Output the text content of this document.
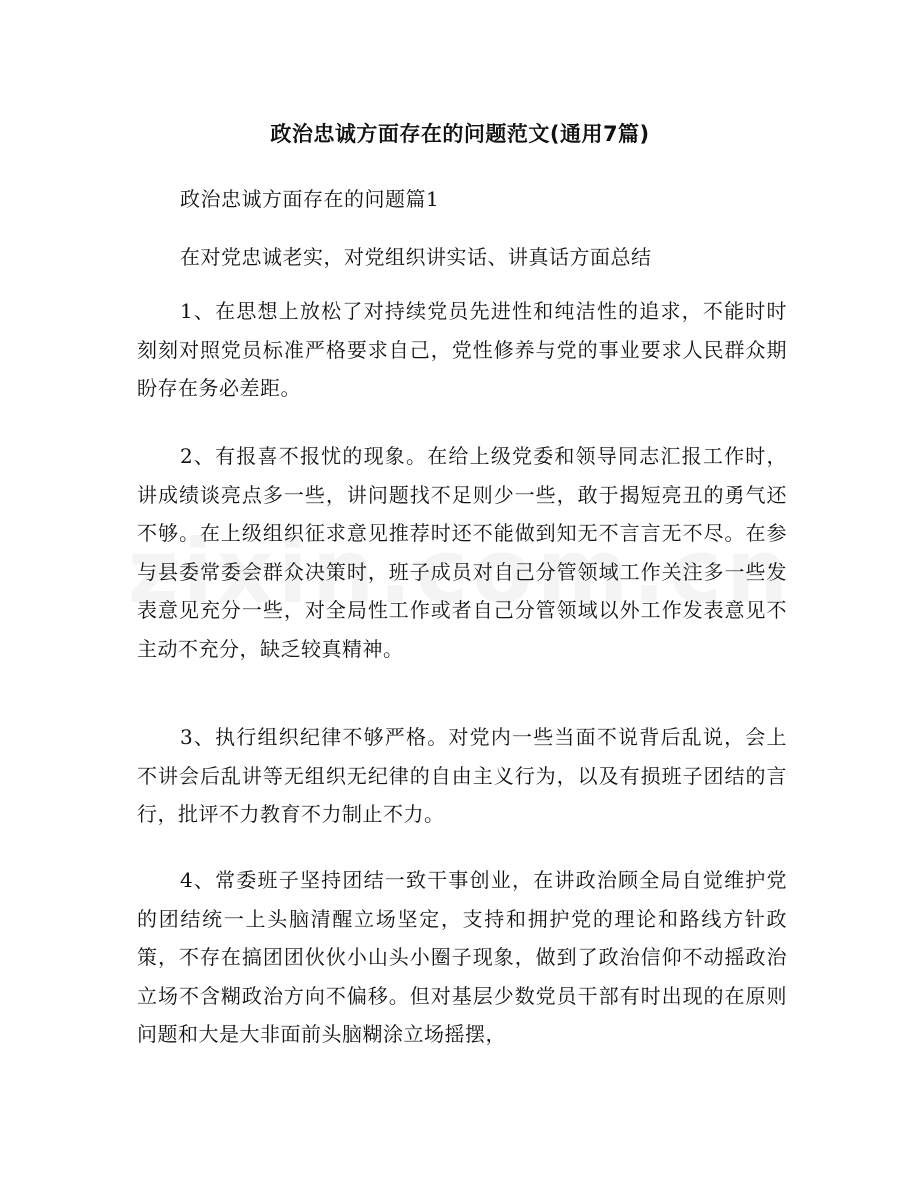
政治忠诚方面存在的问题范文(通用7篇)
政治忠诚方面存在的问题篇1
在对党忠诚老实，对党组织讲实话、讲真话方面总结

1、在思想上放松了对持续党员先进性和纯洁性的追求，不能时时刻刻对照党员标准严格要求自己，党性修养与党的事业要求人民群众期盼存在务必差距。

2、有报喜不报忧的现象。在给上级党委和领导同志汇报工作时，讲成绩谈亮点多一些，讲问题找不足则少一些，敢于揭短亮丑的勇气还不够。在上级组织征求意见推荐时还不能做到知无不言言无不尽。在参与县委常委会群众决策时，班子成员对自己分管领域工作关注多一些发表意见充分一些，对全局性工作或者自己分管领域以外工作发表意见不主动不充分，缺乏较真精神。

3、执行组织纪律不够严格。对党内一些当面不说背后乱说，会上不讲会后乱讲等无组织无纪律的自由主义行为，以及有损班子团结的言行，批评不力教育不力制止不力。

4、常委班子坚持团结一致干事创业，在讲政治顾全局自觉维护党的团结统一上头脑清醒立场坚定，支持和拥护党的理论和路线方针政策，不存在搞团团伙伙小山头小圈子现象，做到了政治信仰不动摇政治立场不含糊政治方向不偏移。但对基层少数党员干部有时出现的在原则问题和大是大非面前头脑糊涂立场摇摆，
